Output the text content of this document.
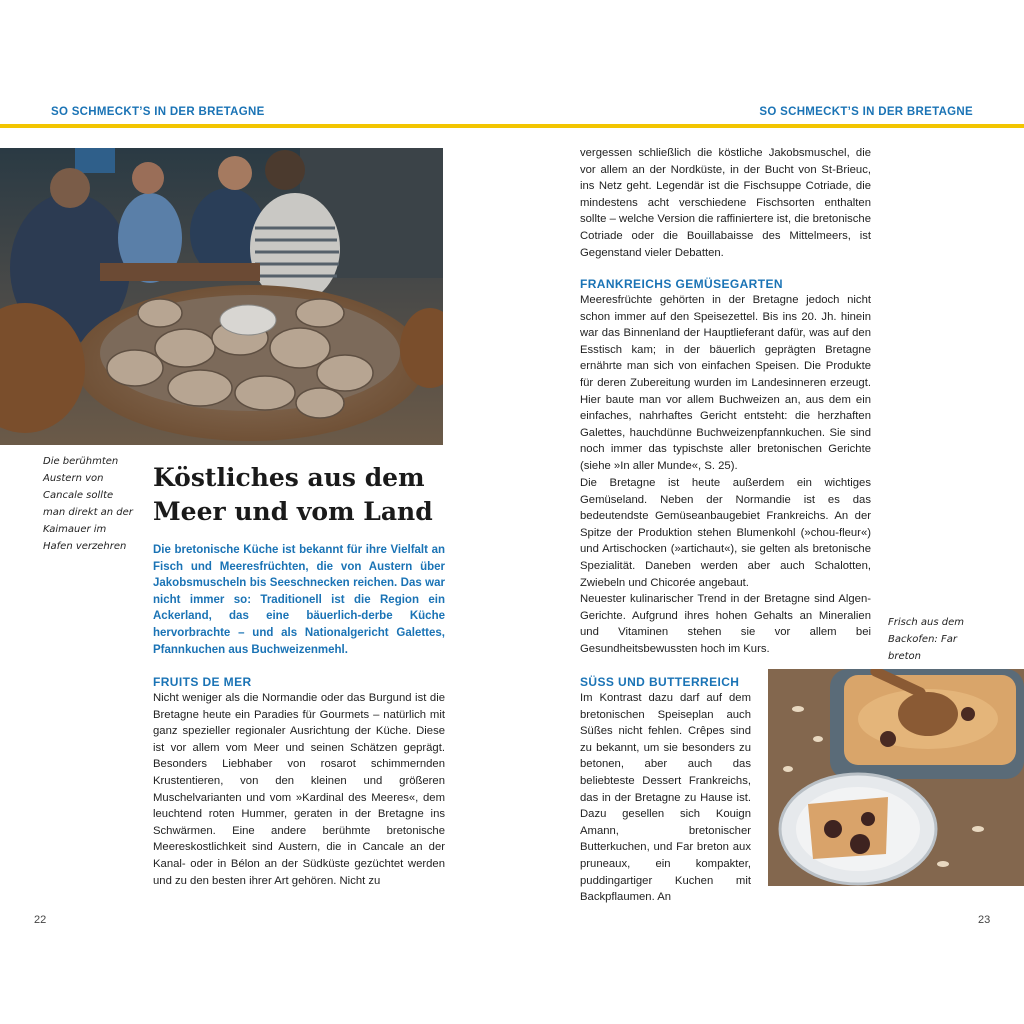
SO SCHMECKT’S IN DER BRETAGNE	SO SCHMECKT’S IN DER BRETAGNE
Die berühmten Austern von Cancale sollte man direkt an der Kaimauer im Hafen verzehren
Köstliches aus dem Meer und vom Land

Die bretonische Küche ist bekannt für ihre Vielfalt an Fisch und Meeresfrüchten, die von Austern über Jakobsmuscheln bis Seeschnecken reichen. Das war nicht immer so: Traditionell ist die Region ein Ackerland, das eine bäuerlich-derbe Küche hervorbrachte – und als Nationalgericht Galettes, Pfannkuchen aus Buchweizenmehl.

FRUITS DE MER

Nicht weniger als die Normandie oder das Burgund ist die Bretagne heute ein Paradies für Gourmets – natürlich mit ganz spezieller regionaler Ausrichtung der Küche. Diese ist vor allem vom Meer und seinen Schätzen geprägt. Besonders Liebhaber von rosarot schimmernden Krustentieren, von den kleinen und größeren Muschelvarianten und vom »Kardinal des Meeres«, dem leuchtend roten Hummer, geraten in der Bretagne ins Schwärmen. Eine andere berühmte bretonische Meereskostlichkeit sind Austern, die in Cancale an der Kanal- oder in Bélon an der Südküste gezüchtet werden und zu den besten ihrer Art gehören. Nicht zu

22

vergessen schließlich die köstliche Jakobsmuschel, die vor allem an der Nordküste, in der Bucht von St-Brieuc, ins Netz geht. Legendär ist die Fischsuppe Cotriade, die mindestens acht verschiedene Fischsorten enthalten sollte – welche Version die raffiniertere ist, die bretonische Cotriade oder die Bouillabaisse des Mittelmeers, ist Gegenstand vieler Debatten.

FRANKREICHS GEMÜSEGARTEN

Meeresfrüchte gehörten in der Bretagne jedoch nicht schon immer auf den Speisezettel. Bis ins 20. Jh. hinein war das Binnenland der Hauptlieferant dafür, was auf den Esstisch kam; in der bäuerlich geprägten Bretagne ernährte man sich von einfachen Speisen. Die Produkte für deren Zubereitung wurden im Landesinneren erzeugt. Hier baute man vor allem Buchweizen an, aus dem ein einfaches, nahrhaftes Gericht entsteht: die herzhaften Galettes, hauchdünne Buchweizenpfannkuchen. Sie sind noch immer das typischste aller bretonischen Gerichte (siehe »In aller Munde«, S. 25).

Die Bretagne ist heute außerdem ein wichtiges Gemüseland. Neben der Normandie ist es das bedeutendste Gemüseanbaugebiet Frankreichs. An der Spitze der Produktion stehen Blumenkohl (»chou-fleur«) und Artischocken (»artichaut«), sie gelten als bretonische Spezialität. Daneben werden aber auch Schalotten, Zwiebeln und Chicorée angebaut.

Neuester kulinarischer Trend in der Bretagne sind Algen-Gerichte. Aufgrund ihres hohen Gehalts an Mineralien und Vitaminen stehen sie vor allem bei Gesundheitsbewussten hoch im Kurs.

Frisch aus dem Backofen: Far breton
SÜSS UND BUTTERREICH

Im Kontrast dazu darf auf dem bretonischen Speiseplan auch Süßes nicht fehlen. Crêpes sind zu bekannt, um sie besonders zu betonen, aber auch das beliebteste Dessert Frankreichs, das in der Bretagne zu Hause ist. Dazu gesellen sich Kouign Amann, bretonischer Butterkuchen, und Far breton aux pruneaux, ein kompakter, puddingartiger Kuchen mit Backpflaumen. An

23
